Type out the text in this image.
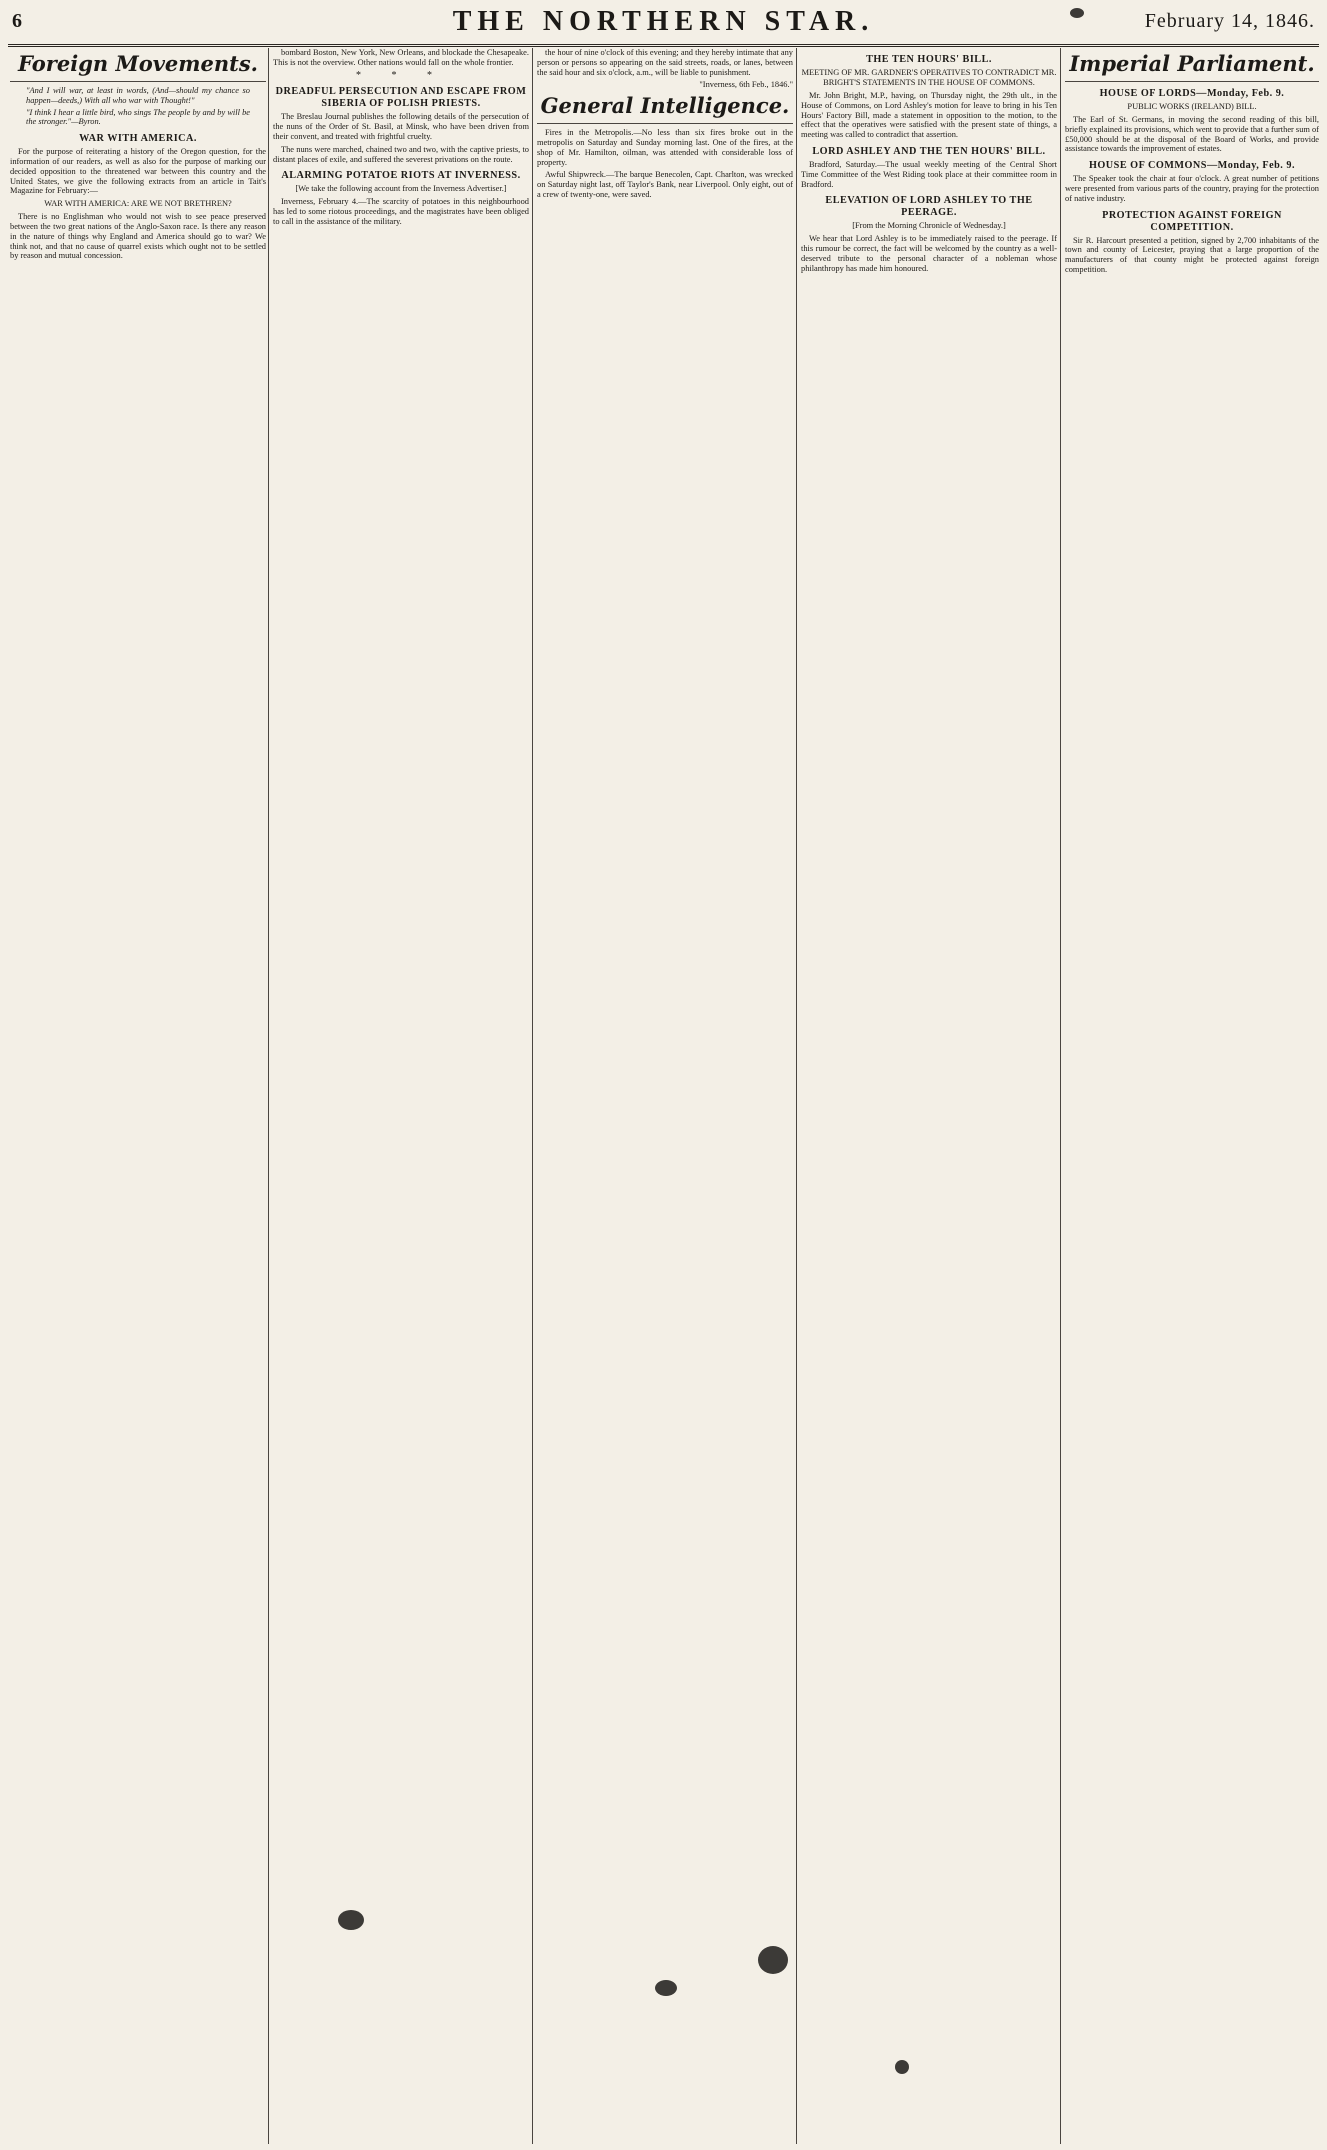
6	THE NORTHERN STAR.	February 14, 1846.
Foreign Movements.
"And I will war, at least in words, (And—should my chance so happen—deeds,) With all who war with Thought!"
"I think I hear a little bird, who sings The people by and by will be the stronger."—Byron.
WAR WITH AMERICA.

For the purpose of reiterating a history of the Oregon question, for the information of our readers, as well as also for the purpose of marking our decided opposition to the threatened war between this country and the United States, we give the following extracts from an article in Tait's Magazine for February:—

WAR WITH AMERICA: ARE WE NOT BRETHREN?

There is no Englishman who would not wish to see peace preserved between the two great nations of the Anglo-Saxon race. Is there any reason in the nature of things why England and America should go to war? We think not, and that no cause of quarrel exists which ought not to be settled by reason and mutual concession.

bombard Boston, New York, New Orleans, and blockade the Chesapeake. This is not the overview. Other nations would fall on the whole frontier.

* * *

DREADFUL PERSECUTION AND ESCAPE FROM SIBERIA OF POLISH PRIESTS.

The Breslau Journal publishes the following details of the persecution of the nuns of the Order of St. Basil, at Minsk, who have been driven from their convent, and treated with frightful cruelty.

The nuns were marched, chained two and two, with the captive priests, to distant places of exile, and suffered the severest privations on the route.

ALARMING POTATOE RIOTS AT INVERNESS.
[We take the following account from the Inverness Advertiser.]

Inverness, February 4.—The scarcity of potatoes in this neighbourhood has led to some riotous proceedings, and the magistrates have been obliged to call in the assistance of the military.

the hour of nine o'clock of this evening; and they hereby intimate that any person or persons so appearing on the said streets, roads, or lanes, between the said hour and six o'clock, a.m., will be liable to punishment.

"Inverness, 6th Feb., 1846."
General Intelligence.

Fires in the Metropolis.—No less than six fires broke out in the metropolis on Saturday and Sunday morning last. One of the fires, at the shop of Mr. Hamilton, oilman, was attended with considerable loss of property.

Awful Shipwreck.—The barque Benecolen, Capt. Charlton, was wrecked on Saturday night last, off Taylor's Bank, near Liverpool. Only eight, out of a crew of twenty-one, were saved.

THE TEN HOURS' BILL.
MEETING OF MR. GARDNER'S OPERATIVES TO CONTRADICT MR. BRIGHT'S STATEMENTS IN THE HOUSE OF COMMONS.

Mr. John Bright, M.P., having, on Thursday night, the 29th ult., in the House of Commons, on Lord Ashley's motion for leave to bring in his Ten Hours' Factory Bill, made a statement in opposition to the motion, to the effect that the operatives were satisfied with the present state of things, a meeting was called to contradict that assertion.

LORD ASHLEY AND THE TEN HOURS' BILL.

Bradford, Saturday.—The usual weekly meeting of the Central Short Time Committee of the West Riding took place at their committee room in Bradford.

ELEVATION OF LORD ASHLEY TO THE PEERAGE.
[From the Morning Chronicle of Wednesday.]

We hear that Lord Ashley is to be immediately raised to the peerage. If this rumour be correct, the fact will be welcomed by the country as a well-deserved tribute to the personal character of a nobleman whose philanthropy has made him honoured.

Imperial Parliament.
HOUSE OF LORDS—Monday, Feb. 9.
PUBLIC WORKS (IRELAND) BILL.

The Earl of St. Germans, in moving the second reading of this bill, briefly explained its provisions, which went to provide that a further sum of £50,000 should be at the disposal of the Board of Works, and provide assistance towards the improvement of estates.

HOUSE OF COMMONS—Monday, Feb. 9.

The Speaker took the chair at four o'clock. A great number of petitions were presented from various parts of the country, praying for the protection of native industry.

PROTECTION AGAINST FOREIGN COMPETITION.

Sir R. Harcourt presented a petition, signed by 2,700 inhabitants of the town and county of Leicester, praying that a large proportion of the manufacturers of that county might be protected against foreign competition.
